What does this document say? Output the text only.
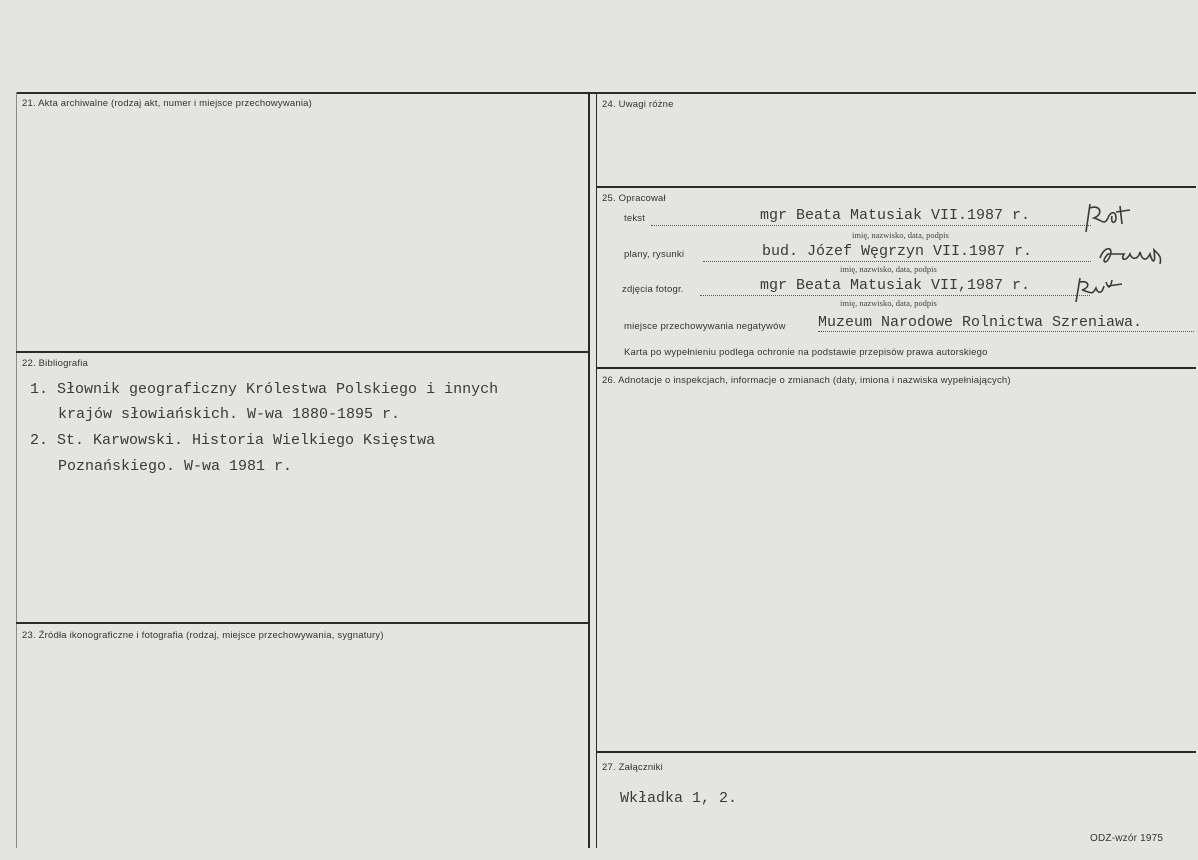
21. Akta archiwalne (rodzaj akt, numer i miejsce przechowywania)
22. Bibliografia
1. Słownik geograficzny Królestwa Polskiego i innych
krajów słowiańskich. W-wa 1880-1895 r.
2. St. Karwowski. Historia Wielkiego Księstwa
Poznańskiego. W-wa 1981 r.
23. Źródła ikonograficzne i fotografia (rodzaj, miejsce przechowywania, sygnatury)
24. Uwagi różne
25. Opracował
tekst	mgr Beata Matusiak VII.1987 r.
imię, nazwisko, data, podpis
plany, rysunki	bud. Józef Węgrzyn VII.1987 r.
imię, nazwisko, data, podpis
zdjęcia fotogr.	mgr Beata Matusiak VII,1987 r.
imię, nazwisko, data, podpis
miejsce przechowywania negatywów Muzeum Narodowe Rolnictwa Szreniawa.
Karta po wypełnieniu podlega ochronie na podstawie przepisów prawa autorskiego
26. Adnotacje o inspekcjach, informacje o zmianach (daty, imiona i nazwiska wypełniających)
27. Załączniki
Wkładka 1, 2.
ODZ-wzór 1975
